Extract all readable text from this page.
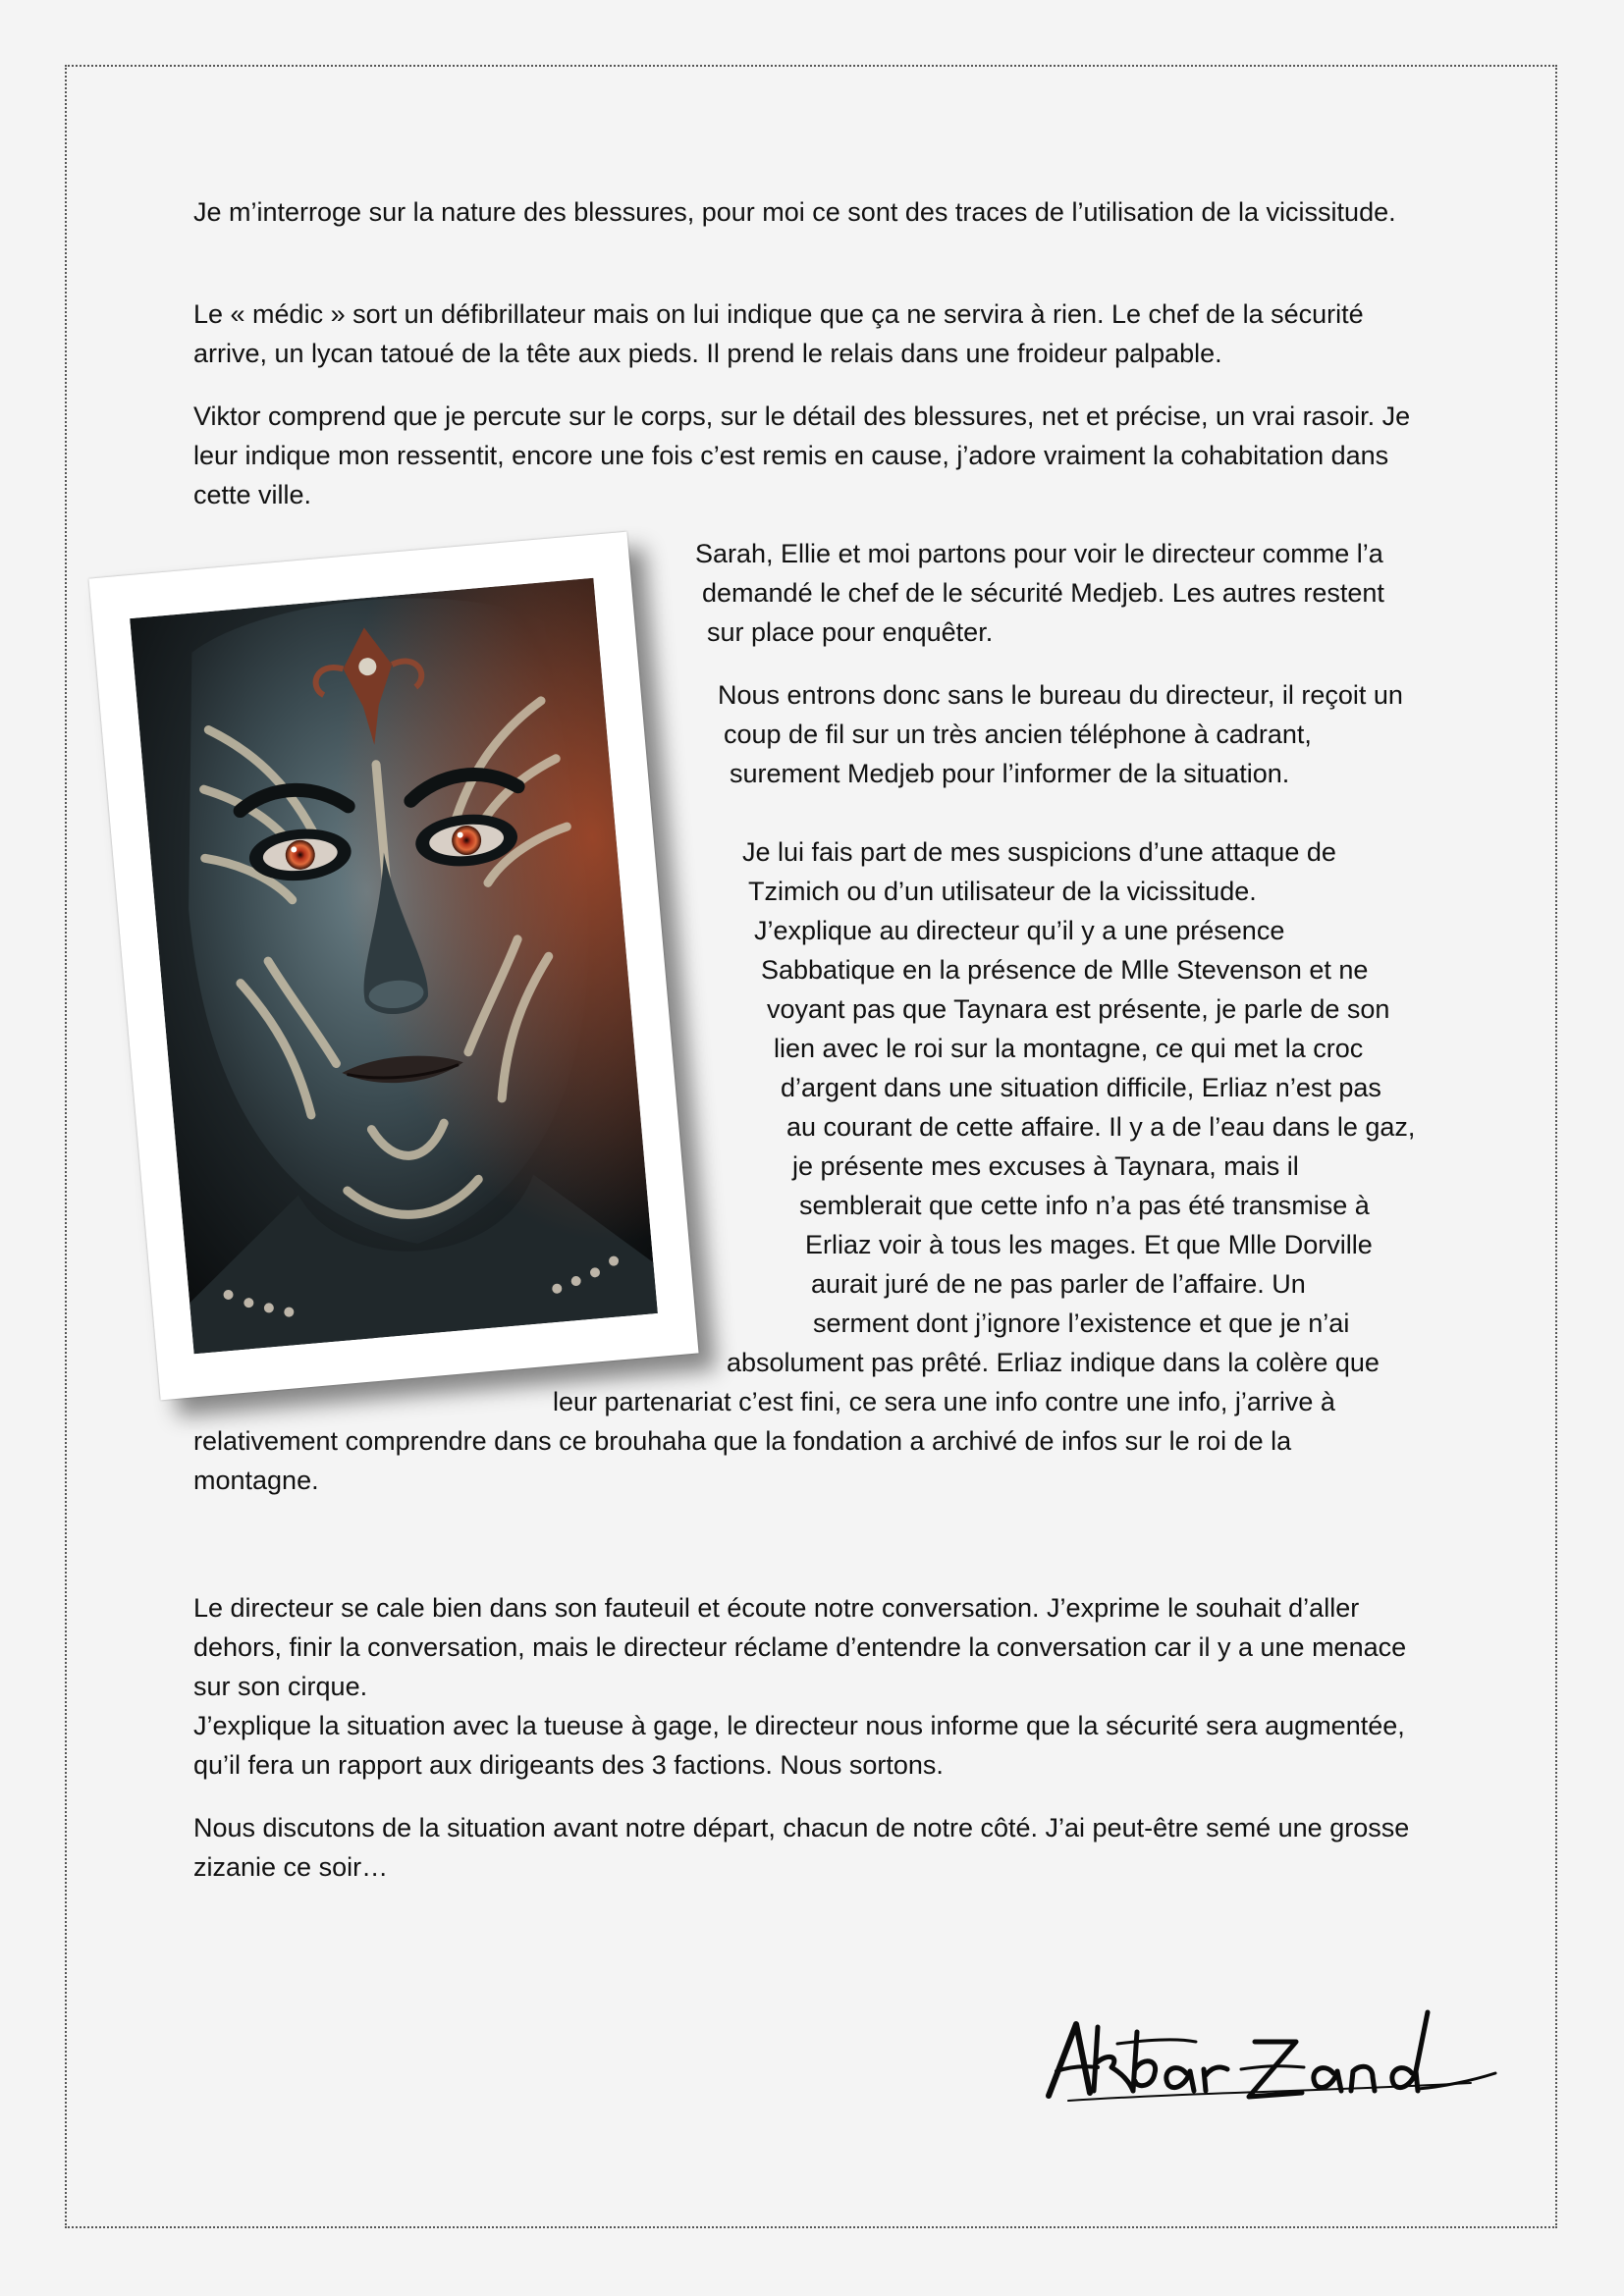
Je m’interroge sur la nature des blessures, pour moi ce sont des traces de l’utilisation de la vicissitude.

Le « médic » sort un défibrillateur mais on lui indique que ça ne servira à rien. Le chef de la sécurité arrive, un lycan tatoué de la tête aux pieds. Il prend le relais dans une froideur palpable.

Viktor comprend que je percute sur le corps, sur le détail des blessures, net et précise, un vrai rasoir. Je leur indique mon ressentit, encore une fois c’est remis en cause, j’adore vraiment la cohabitation dans cette ville.

Sarah, Ellie et moi partons pour voir le directeur comme l’a
demandé le chef de le sécurité Medjeb. Les autres restent
sur place pour enquêter.
Nous entrons donc sans le bureau du directeur, il reçoit un
coup de fil sur un très ancien téléphone à cadrant,
surement Medjeb pour l’informer de la situation.
Je lui fais part de mes suspicions d’une attaque de
Tzimich ou d’un utilisateur de la vicissitude.
J’explique au directeur qu’il y a une présence
Sabbatique en la présence de Mlle Stevenson et ne
voyant pas que Taynara est présente, je parle de son
lien avec le roi sur la montagne, ce qui met la croc
d’argent dans une situation difficile, Erliaz n’est pas
au courant de cette affaire. Il y a de l’eau dans le gaz,
je présente mes excuses à Taynara, mais il
semblerait que cette info n’a pas été transmise à
Erliaz voir à tous les mages. Et que Mlle Dorville
aurait juré de ne pas parler de l’affaire. Un
serment dont j’ignore l’existence et que je n’ai
absolument pas prêté. Erliaz indique dans la colère que
leur partenariat c’est fini, ce sera une info contre une info, j’arrive à
relativement comprendre dans ce brouhaha que la fondation a archivé de infos sur le roi de la
montagne.

Le directeur se cale bien dans son fauteuil et écoute notre conversation. J’exprime le souhait d’aller dehors, finir la conversation, mais le directeur réclame d’entendre la conversation car il y a une menace sur son cirque.

J’explique la situation avec la tueuse à gage, le directeur nous informe que la sécurité sera augmentée, qu’il fera un rapport aux dirigeants des 3 factions. Nous sortons.

Nous discutons de la situation avant notre départ, chacun de notre côté. J’ai peut-être semé une grosse zizanie ce soir…
